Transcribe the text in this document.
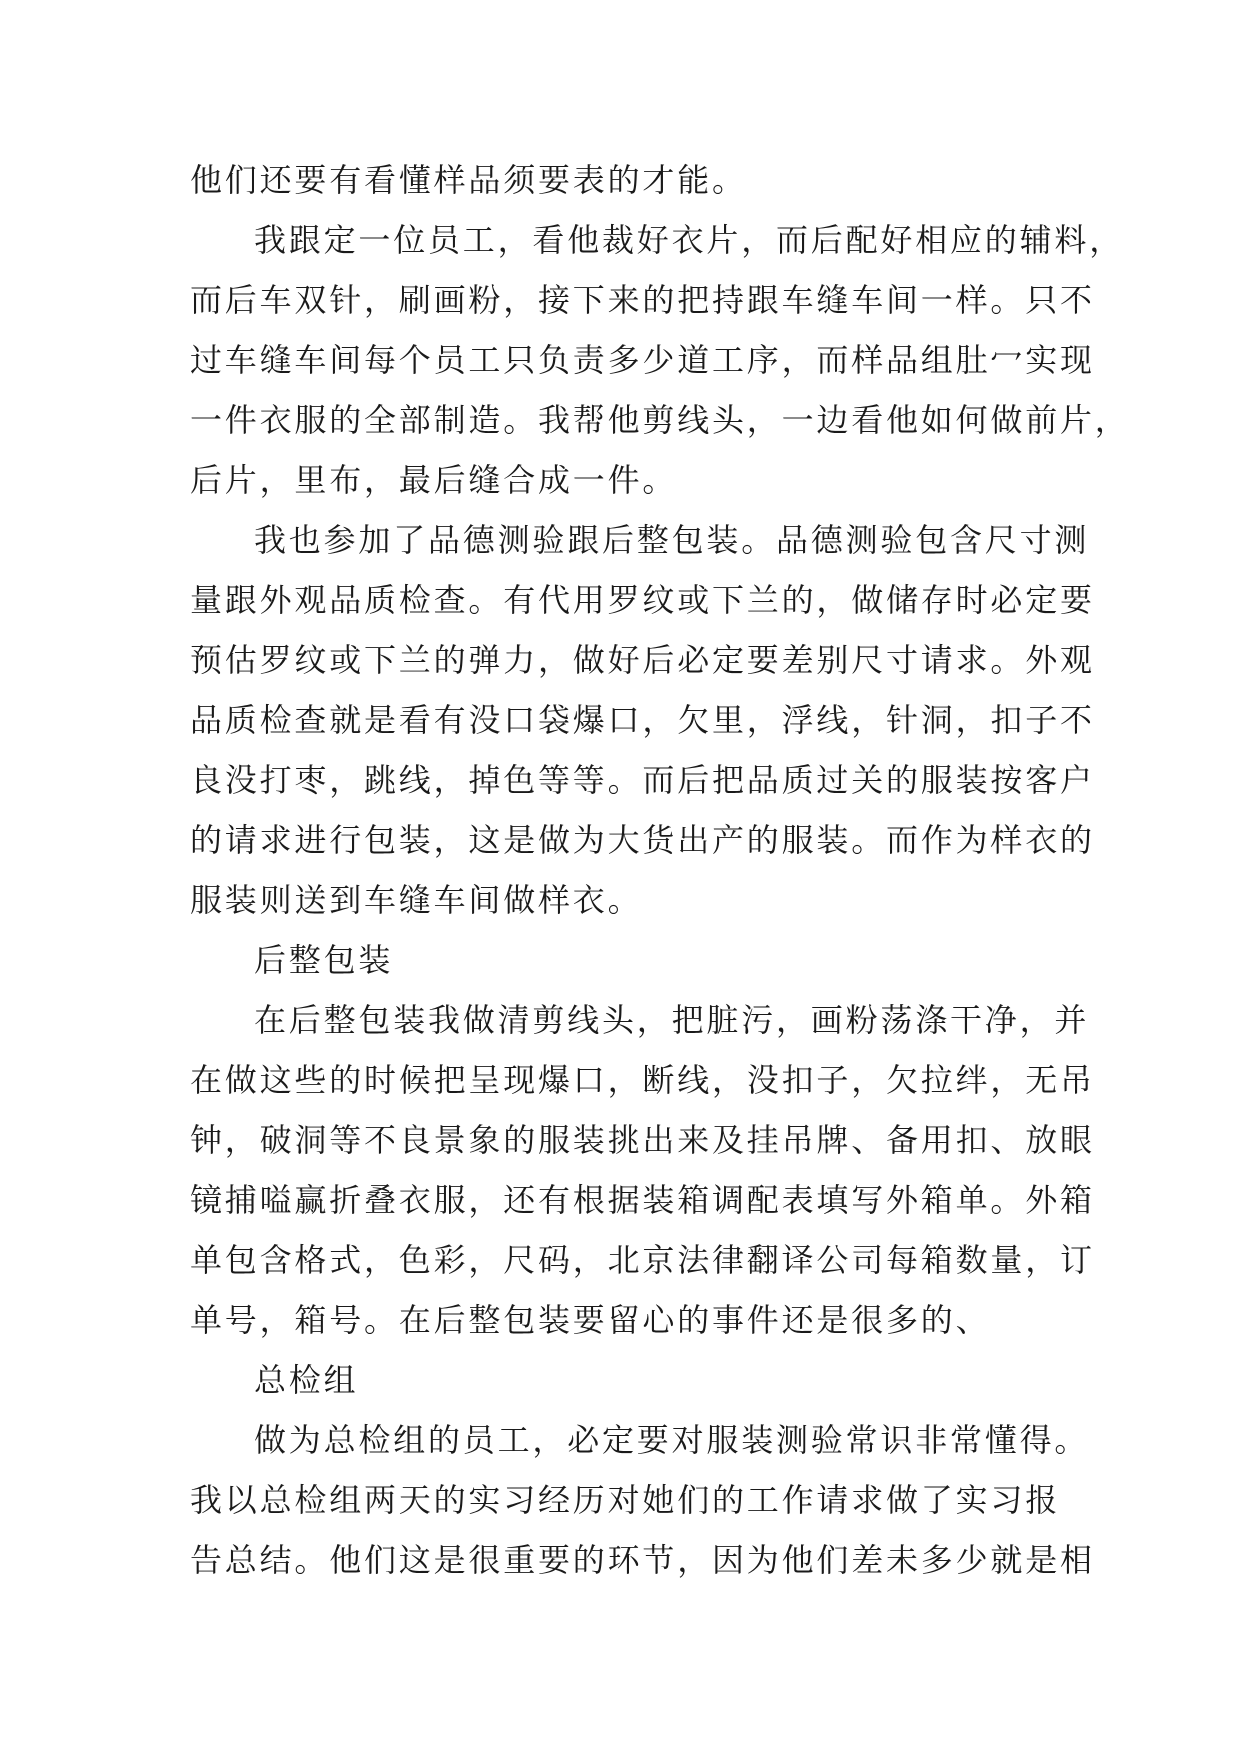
他们还要有看懂样品须要表的才能。
我跟定一位员工，看他裁好衣片，而后配好相应的辅料，
而后车双针，刷画粉，接下来的把持跟车缝车间一样。只不
过车缝车间每个员工只负责多少道工序，而样品组肚冖实现
一件衣服的全部制造。我帮他剪线头，一边看他如何做前片，
后片，里布，最后缝合成一件。
我也参加了品德测验跟后整包装。品德测验包含尺寸测
量跟外观品质检查。有代用罗纹或下兰的，做储存时必定要
预估罗纹或下兰的弹力，做好后必定要差别尺寸请求。外观
品质检查就是看有没口袋爆口，欠里，浮线，针洞，扣子不
良没打枣，跳线，掉色等等。而后把品质过关的服装按客户
的请求进行包装，这是做为大货出产的服装。而作为样衣的
服装则送到车缝车间做样衣。
后整包装
在后整包装我做清剪线头，把脏污，画粉荡涤干净，并
在做这些的时候把呈现爆口，断线，没扣子，欠拉绊，无吊
钟，破洞等不良景象的服装挑出来及挂吊牌、备用扣、放眼
镜捕嗌赢折叠衣服，还有根据装箱调配表填写外箱单。外箱
单包含格式，色彩，尺码，北京法律翻译公司每箱数量，订
单号，箱号。在后整包装要留心的事件还是很多的、
总检组
做为总检组的员工，必定要对服装测验常识非常懂得。
我以总检组两天的实习经历对她们的工作请求做了实习报
告总结。他们这是很重要的环节，因为他们差未多少就是相
